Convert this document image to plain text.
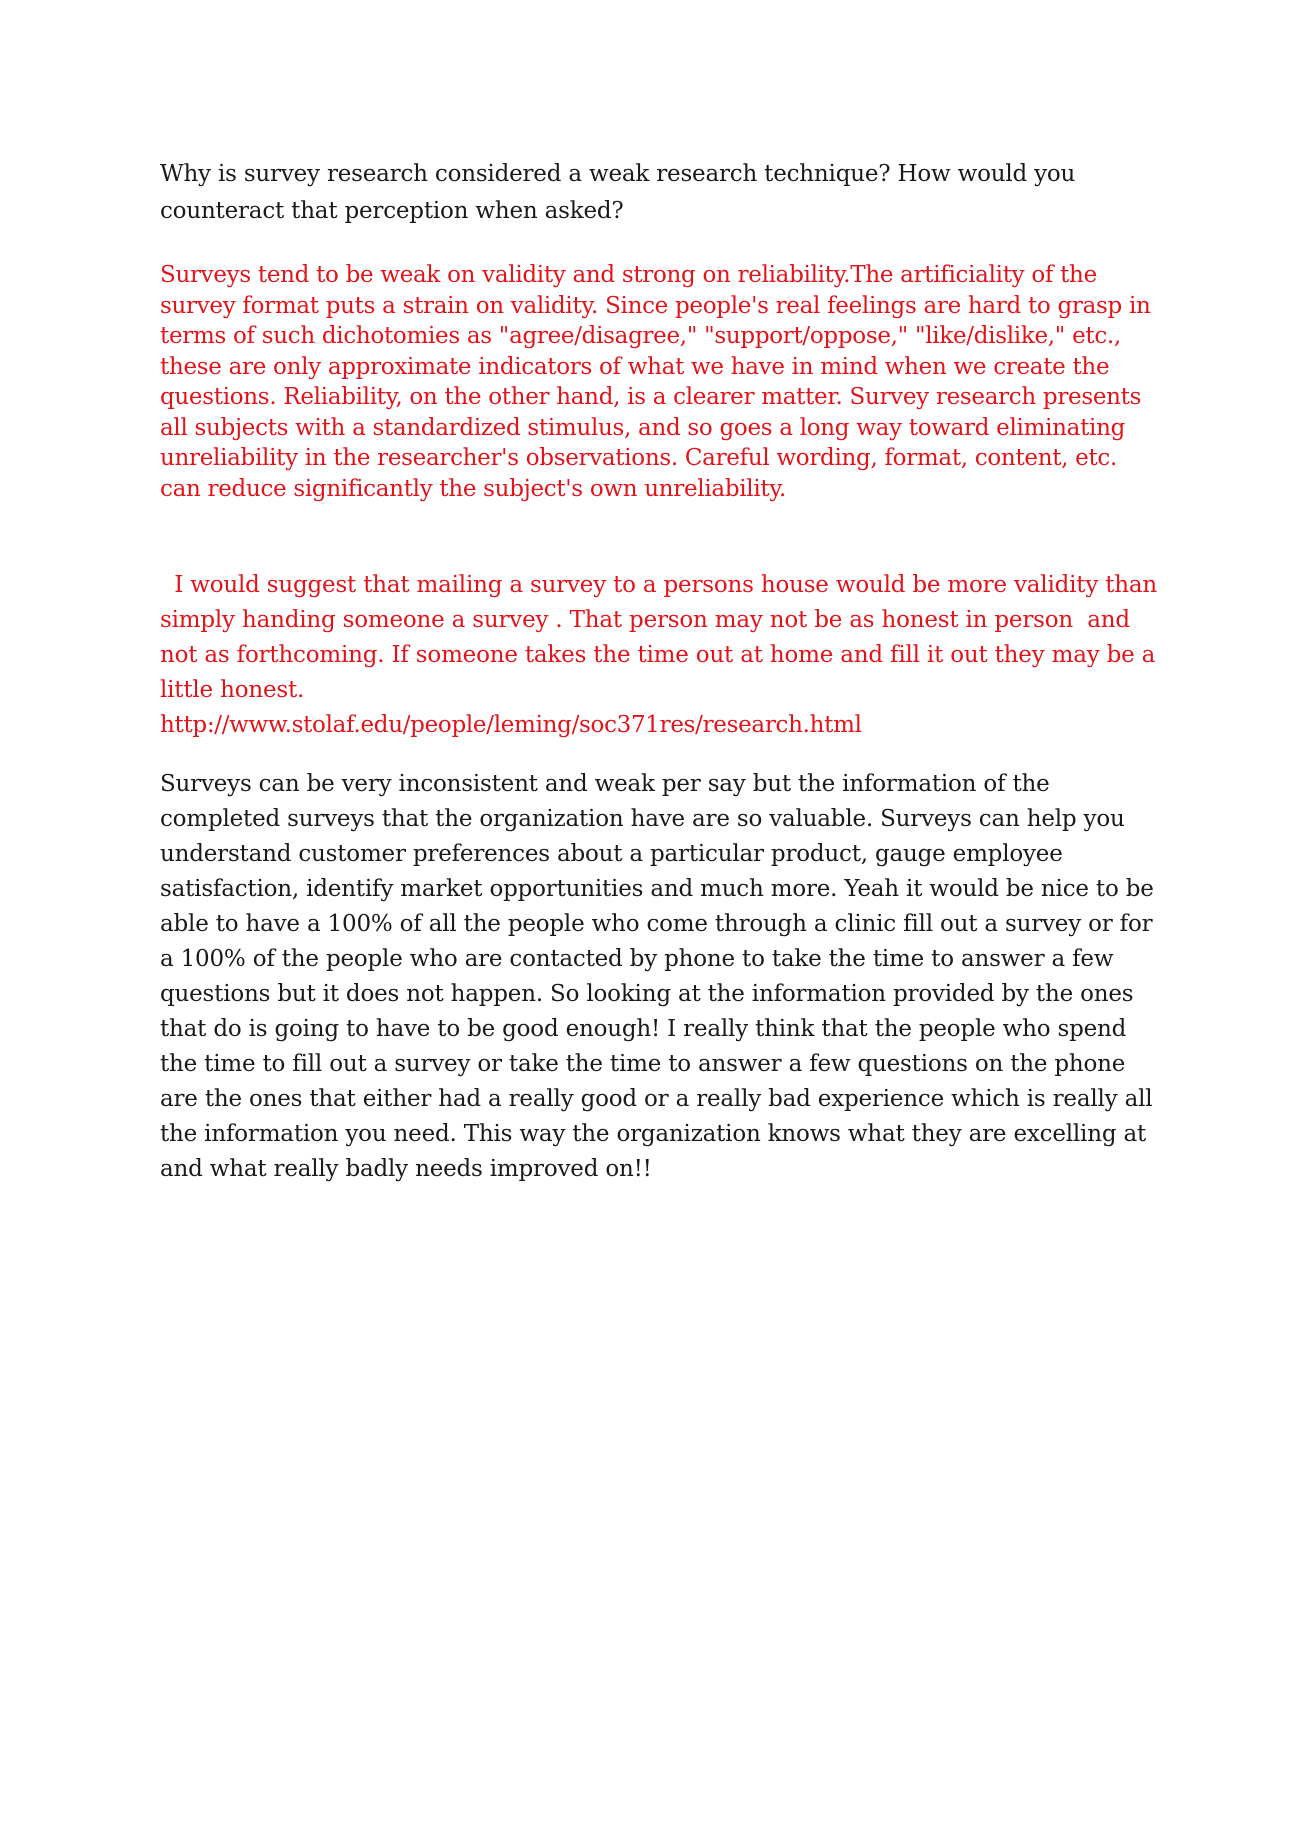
Why is survey research considered a weak research technique? How would you counteract that perception when asked?

Surveys tend to be weak on validity and strong on reliability.The artificiality of the survey format puts a strain on validity. Since people's real feelings are hard to grasp in terms of such dichotomies as "agree/disagree," "support/oppose," "like/dislike," etc., these are only approximate indicators of what we have in mind when we create the questions. Reliability, on the other hand, is a clearer matter. Survey research presents all subjects with a standardized stimulus, and so goes a long way toward eliminating unreliability in the researcher's observations. Careful wording, format, content, etc. can reduce significantly the subject's own unreliability.

I would suggest that mailing a survey to a persons house would be more validity than simply handing someone a survey . That person may not be as honest in person  and not as forthcoming. If someone takes the time out at home and fill it out they may be a little honest.

http://www.stolaf.edu/people/leming/soc371res/research.html

Surveys can be very inconsistent and weak per say but the information of the completed surveys that the organization have are so valuable. Surveys can help you understand customer preferences about a particular product, gauge employee satisfaction, identify market opportunities and much more. Yeah it would be nice to be able to have a 100% of all the people who come through a clinic fill out a survey or for a 100% of the people who are contacted by phone to take the time to answer a few questions but it does not happen. So looking at the information provided by the ones that do is going to have to be good enough! I really think that the people who spend the time to fill out a survey or take the time to answer a few questions on the phone are the ones that either had a really good or a really bad experience which is really all the information you need. This way the organization knows what they are excelling at and what really badly needs improved on!!
